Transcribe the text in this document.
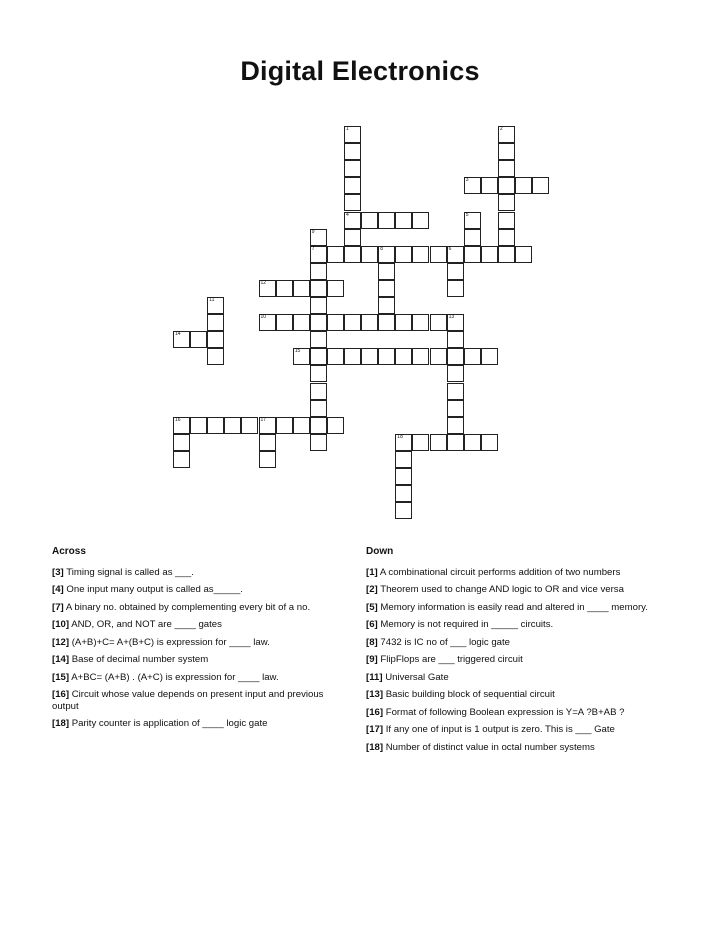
Digital Electronics
1
4
2
3
5
6
7	8
9
10
11
12
13
14
15
16	17
18
Across
[3] Timing signal is called as ___.
[4] One input many output is called as_____.
[7] A binary no. obtained by complementing every bit of a no.
[10] AND, OR, and NOT are ____ gates
[12] (A+B)+C= A+(B+C) is expression for ____ law.
[14] Base of decimal number system
[15] A+BC= (A+B) . (A+C) is expression for ____ law.
[16] Circuit whose value depends on present input and previous output
[18] Parity counter is application of ____ logic gate
Down
[1] A combinational circuit performs addition of two numbers
[2] Theorem used to change AND logic to OR and vice versa
[5] Memory information is easily read and altered in ____ memory.
[6] Memory is not required in _____ circuits.
[8] 7432 is IC no of ___ logic gate
[9] FlipFlops are ___ triggered circuit
[11] Universal Gate
[13] Basic building block of sequential circuit
[16] Format of following Boolean expression is Y=A ?B+AB ?
[17] If any one of input is 1 output is zero. This is ___ Gate
[18] Number of distinct value in octal number systems
